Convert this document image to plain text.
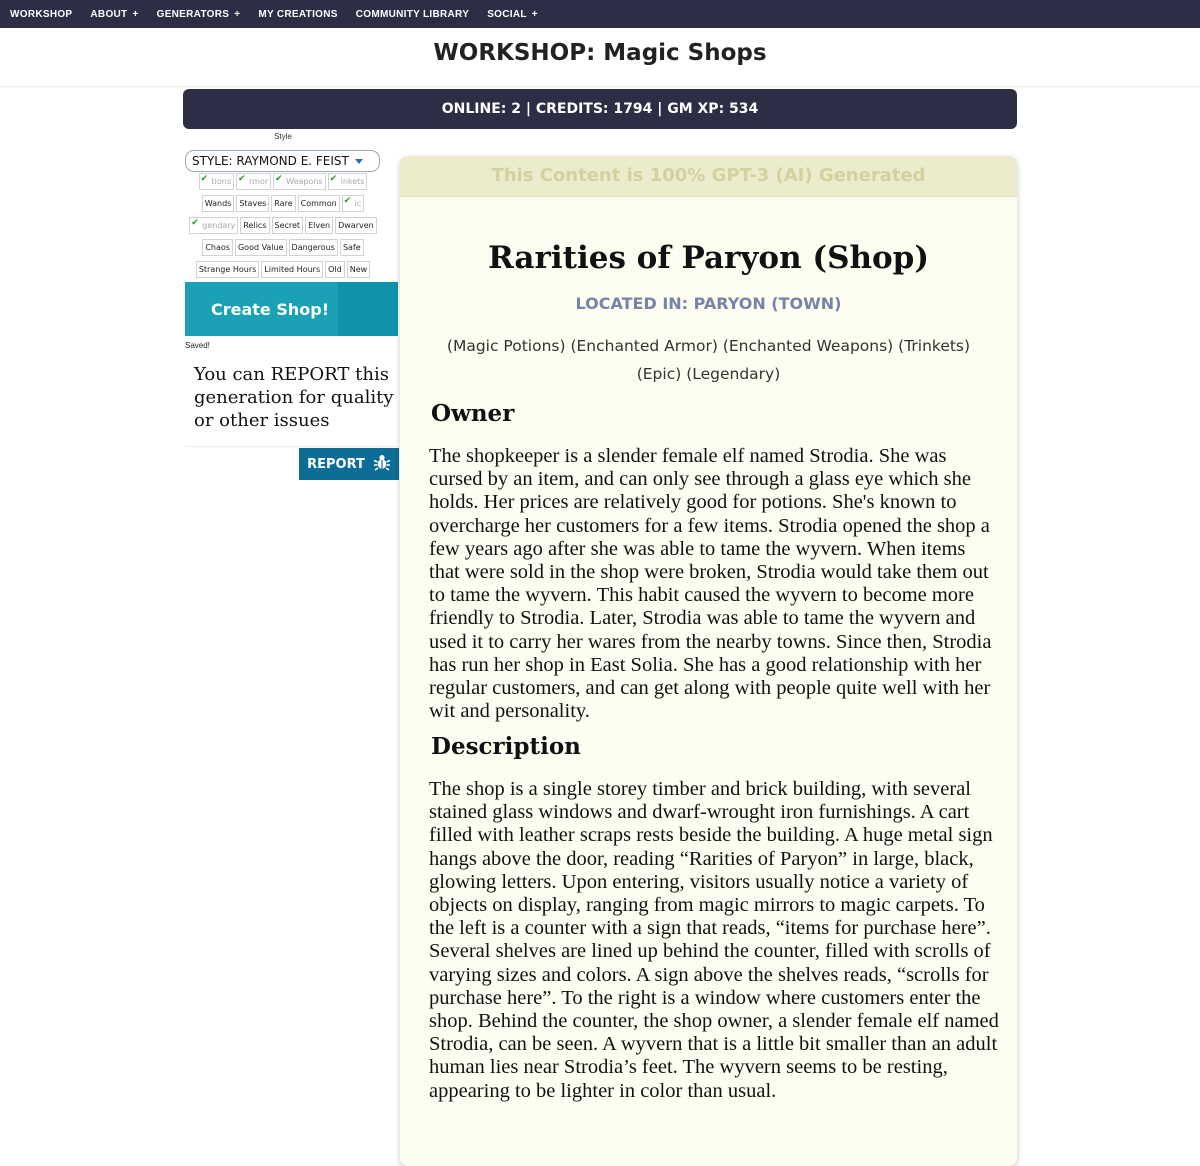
WORKSHOP ABOUT + GENERATORS + MY CREATIONS COMMUNITY LIBRARY SOCIAL +
WORKSHOP: Magic Shops
ONLINE: 2 | CREDITS: 1794 | GM XP: 534
Style
STYLE: RAYMOND E. FEIST
✔ tions ✔ rmor ✔ Weapons ✔ inkets
Wands	Staves	Rare	Common ✔ ic
✔ gendary	Relics	Secret	Elven	Dwarven
Chaos	Good Value	Dangerous	Safe
Strange Hours	Limited Hours	Old	New
Create Shop!
Saved!
You can REPORT this generation for quality or other issues
REPORT
This Content is 100% GPT-3 (AI) Generated
Rarities of Paryon (Shop)
LOCATED IN: PARYON (TOWN)
(Magic Potions) (Enchanted Armor) (Enchanted Weapons) (Trinkets) (Epic) (Legendary)
Owner
The shopkeeper is a slender female elf named Strodia. She was cursed by an item, and can only see through a glass eye which she holds. Her prices are relatively good for potions. She's known to overcharge her customers for a few items. Strodia opened the shop a few years ago after she was able to tame the wyvern. When items that were sold in the shop were broken, Strodia would take them out to tame the wyvern. This habit caused the wyvern to become more friendly to Strodia. Later, Strodia was able to tame the wyvern and used it to carry her wares from the nearby towns. Since then, Strodia has run her shop in East Solia. She has a good relationship with her regular customers, and can get along with people quite well with her wit and personality.
Description
The shop is a single storey timber and brick building, with several stained glass windows and dwarf-wrought iron furnishings. A cart filled with leather scraps rests beside the building. A huge metal sign hangs above the door, reading “Rarities of Paryon” in large, black, glowing letters. Upon entering, visitors usually notice a variety of objects on display, ranging from magic mirrors to magic carpets. To the left is a counter with a sign that reads, “items for purchase here”. Several shelves are lined up behind the counter, filled with scrolls of varying sizes and colors. A sign above the shelves reads, “scrolls for purchase here”. To the right is a window where customers enter the shop. Behind the counter, the shop owner, a slender female elf named Strodia, can be seen. A wyvern that is a little bit smaller than an adult human lies near Strodia’s feet. The wyvern seems to be resting, appearing to be lighter in color than usual.
